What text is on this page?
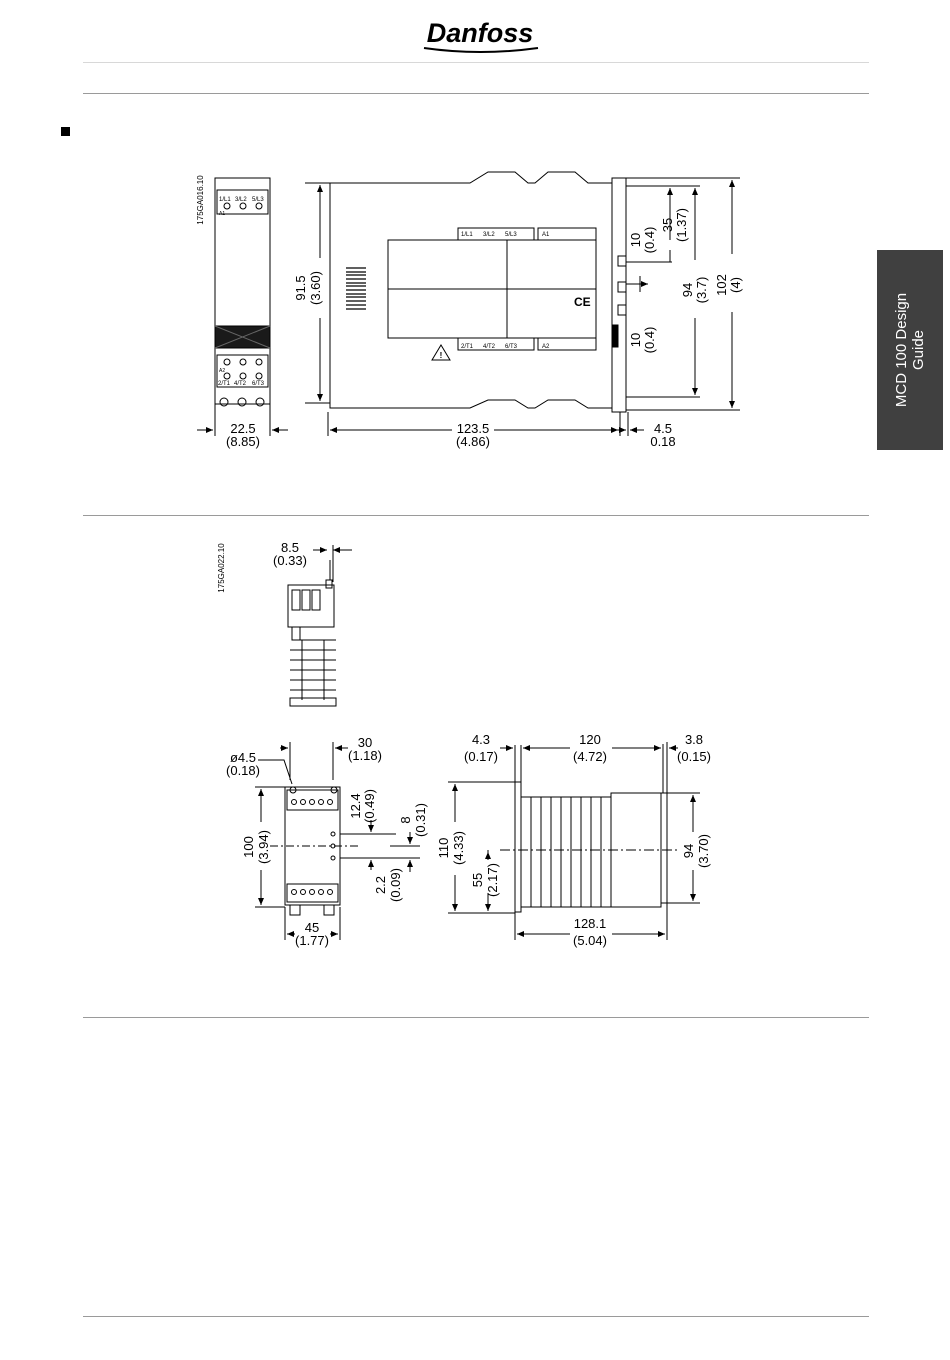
Danfoss
MCD 100 Design Guide
175GA016.10 1/L1 3/L2 5/L3
A1
A2
2/T1 4/T2 6/T3
1/L1 3/L2 5/L3	A1
2/T1 4/T2 6/T3	A2
CE
!
91.5 (3.60)
22.5
(8.85)
123.5
(4.86)
4.5
0.18
10 (0.4)
35 (1.37)
10 (0.4)
94 (3.7) 102 (4)
175GA022.10	8.5
(0.33)
ø4.5
(0.18)
30
(1.18)
100 (3.94)
12.4 (0.49) 8 (0.31)
2.2 (0.09)
45
(1.77)
4.3
(0.17)
120
(4.72)
3.8
(0.15)
110 (4.33)
55 (2.17)
94 (3.70)
128.1
(5.04)
